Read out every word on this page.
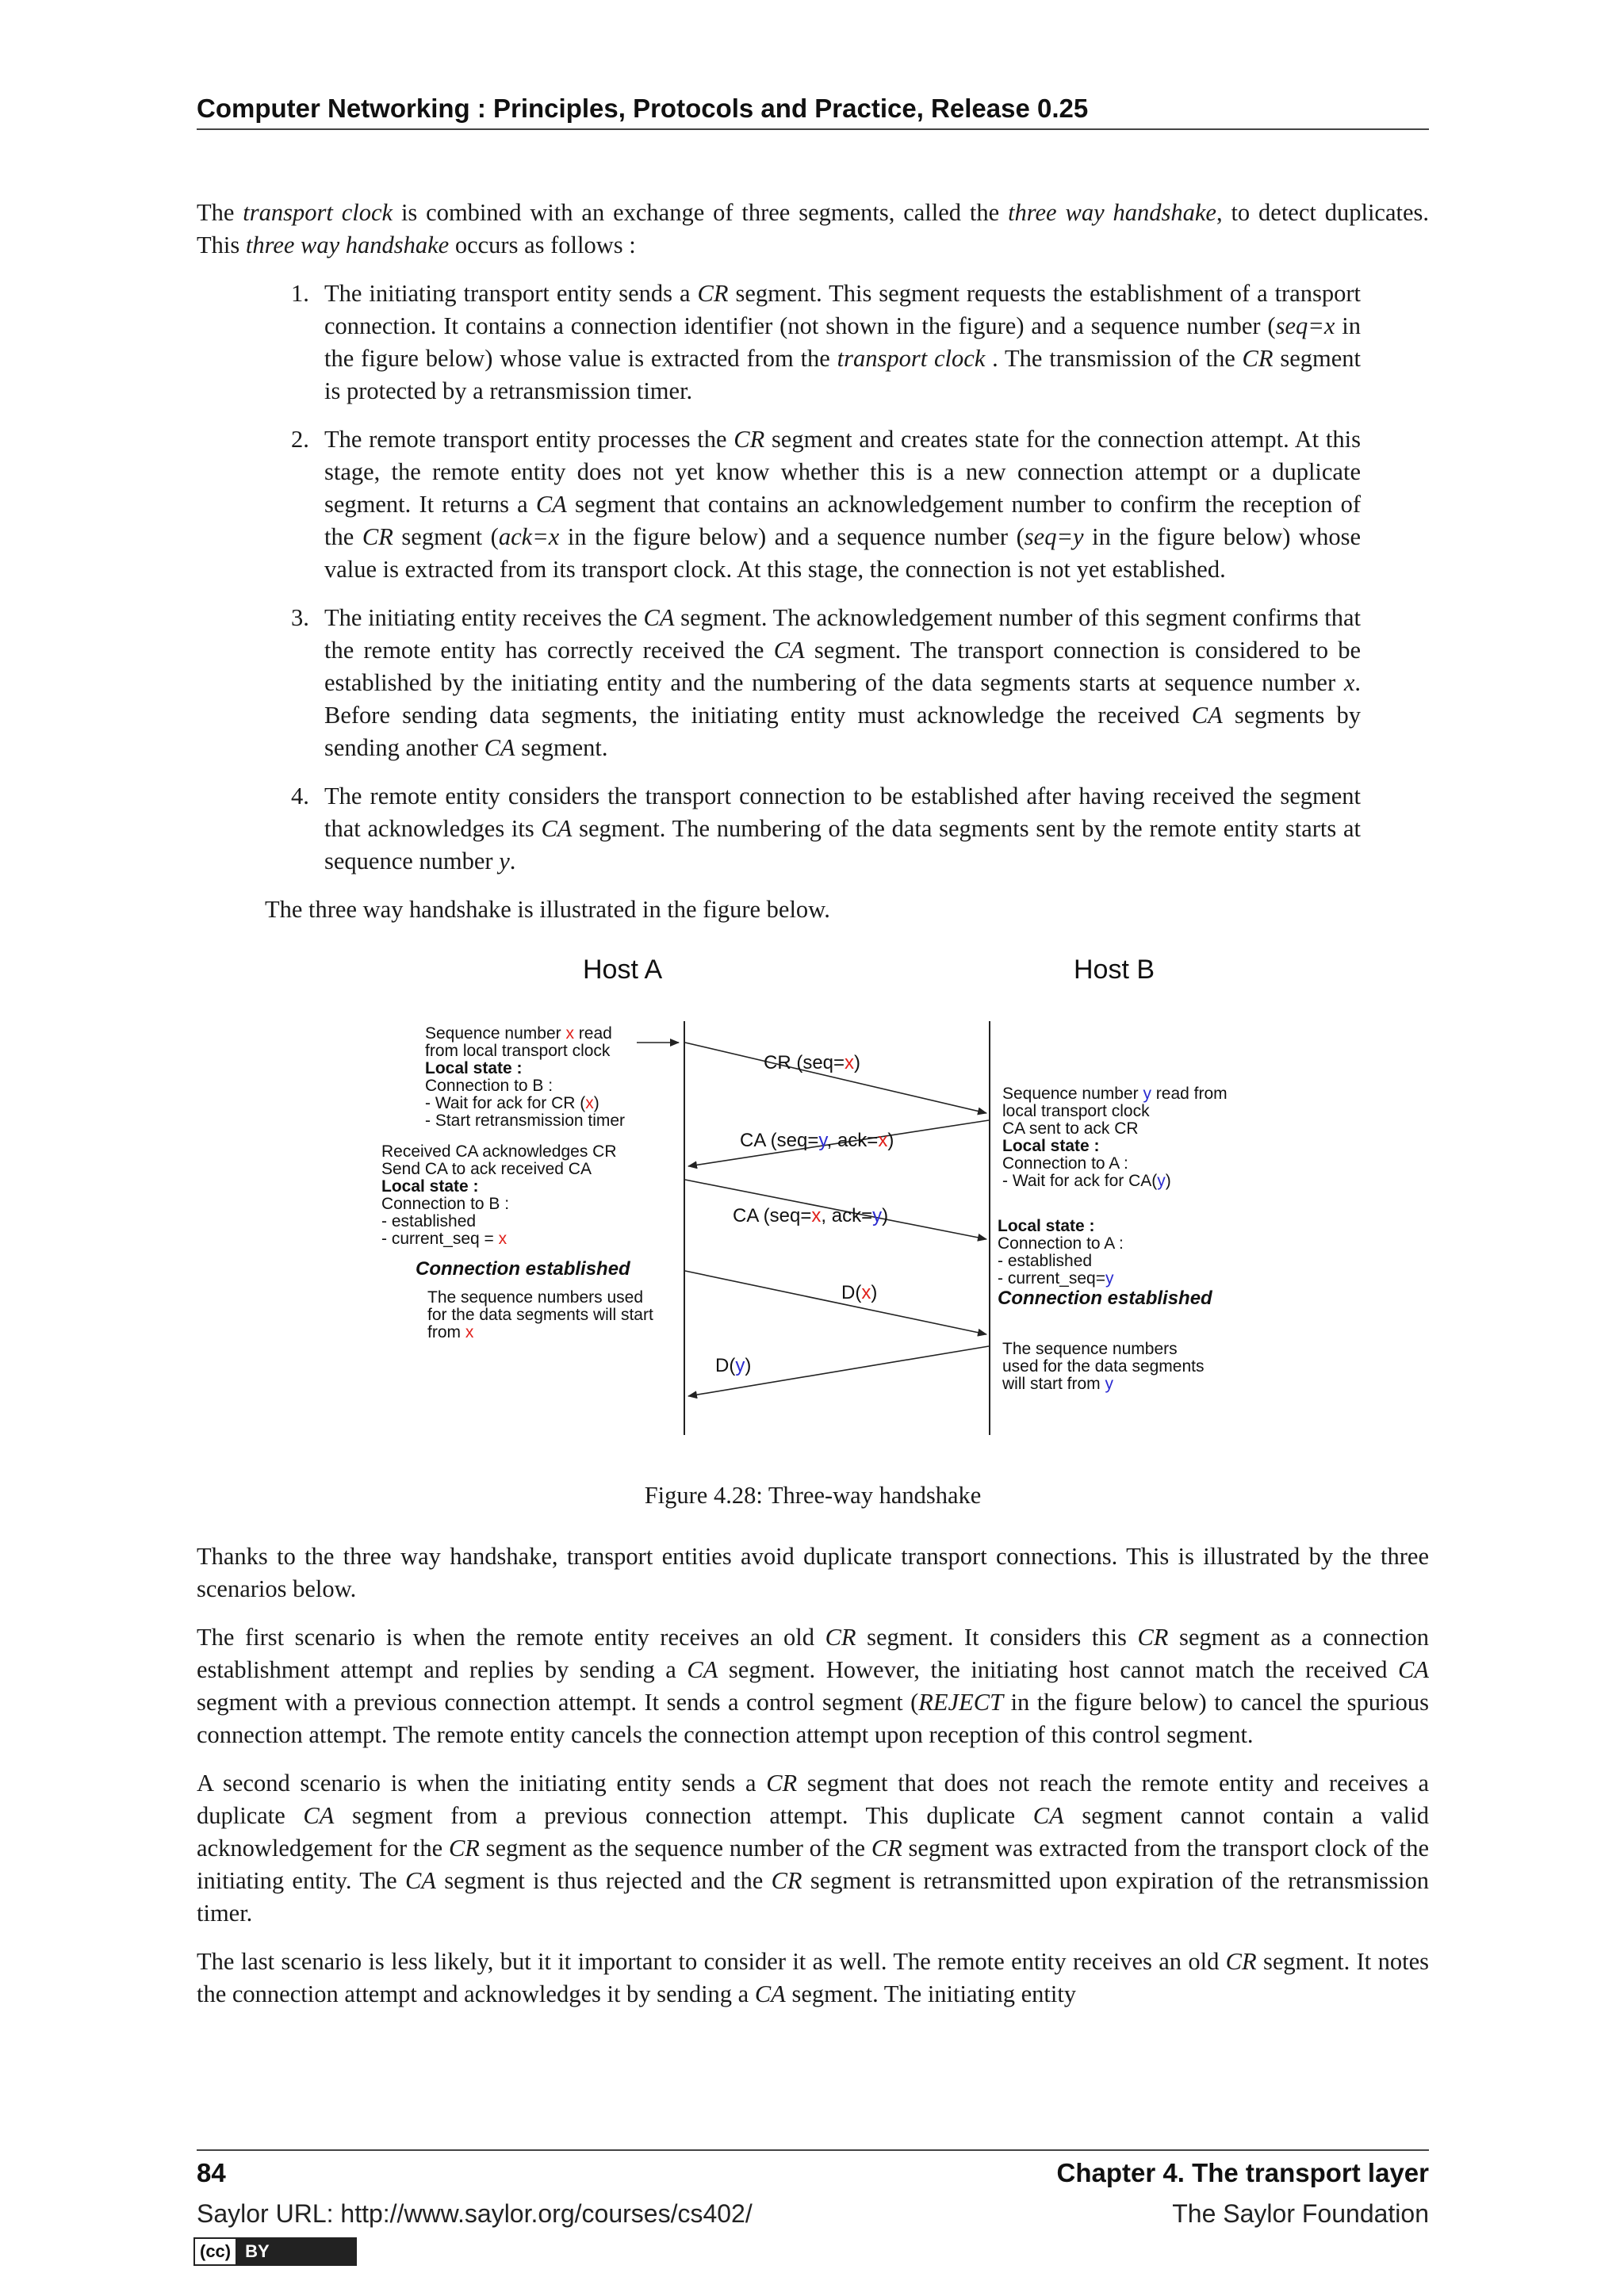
Computer Networking : Principles, Protocols and Practice, Release 0.25

The transport clock is combined with an exchange of three segments, called the three way handshake, to detect duplicates. This three way handshake occurs as follows :

1. The initiating transport entity sends a CR segment. This segment requests the establishment of a transport connection. It contains a connection identifier (not shown in the figure) and a sequence number (seq=x in the figure below) whose value is extracted from the transport clock . The transmission of the CR segment is protected by a retransmission timer.
2. The remote transport entity processes the CR segment and creates state for the connection attempt. At this stage, the remote entity does not yet know whether this is a new connection attempt or a duplicate segment. It returns a CA segment that contains an acknowledgement number to confirm the reception of the CR segment (ack=x in the figure below) and a sequence number (seq=y in the figure below) whose value is extracted from its transport clock. At this stage, the connection is not yet established.
3. The initiating entity receives the CA segment. The acknowledgement number of this segment confirms that the remote entity has correctly received the CA segment. The transport connection is considered to be established by the initiating entity and the numbering of the data segments starts at sequence number x. Before sending data segments, the initiating entity must acknowledge the received CA segments by sending another CA segment.
4. The remote entity considers the transport connection to be established after having received the segment that acknowledges its CA segment. The numbering of the data segments sent by the remote entity starts at sequence number y.

The three way handshake is illustrated in the figure below.

Host A	Host B
CR (seq=x)
CA (seq=y, ack=x)
CA (seq=x, ack=y)
D(x)
D(y)
Sequence number x read
from local transport clock
Local state :
Connection to B :
- Wait for ack for CR (x)
- Start retransmission timer
Received CA acknowledges CR
Send CA to ack received CA
Local state :
Connection to B :
- established
- current_seq = x
Connection established
The sequence numbers used
for the data segments will start
from x
Sequence number y read from
local transport clock
CA sent to ack CR
Local state :
Connection to A :
- Wait for ack for CA(y)
Local state :
Connection to A :
- established
- current_seq=y
Connection established
The sequence numbers
used for the data segments
will start from y

Figure 4.28: Three-way handshake

Thanks to the three way handshake, transport entities avoid duplicate transport connections. This is illustrated by the three scenarios below.

The first scenario is when the remote entity receives an old CR segment. It considers this CR segment as a connection establishment attempt and replies by sending a CA segment. However, the initiating host cannot match the received CA segment with a previous connection attempt. It sends a control segment (REJECT in the figure below) to cancel the spurious connection attempt. The remote entity cancels the connection attempt upon reception of this control segment.

A second scenario is when the initiating entity sends a CR segment that does not reach the remote entity and receives a duplicate CA segment from a previous connection attempt. This duplicate CA segment cannot contain a valid acknowledgement for the CR segment as the sequence number of the CR segment was extracted from the transport clock of the initiating entity. The CA segment is thus rejected and the CR segment is retransmitted upon expiration of the retransmission timer.

The last scenario is less likely, but it it important to consider it as well. The remote entity receives an old CR segment. It notes the connection attempt and acknowledges it by sending a CA segment. The initiating entity

84	Chapter 4. The transport layer
Saylor URL: http://www.saylor.org/courses/cs402/	The Saylor Foundation
(cc) BY
